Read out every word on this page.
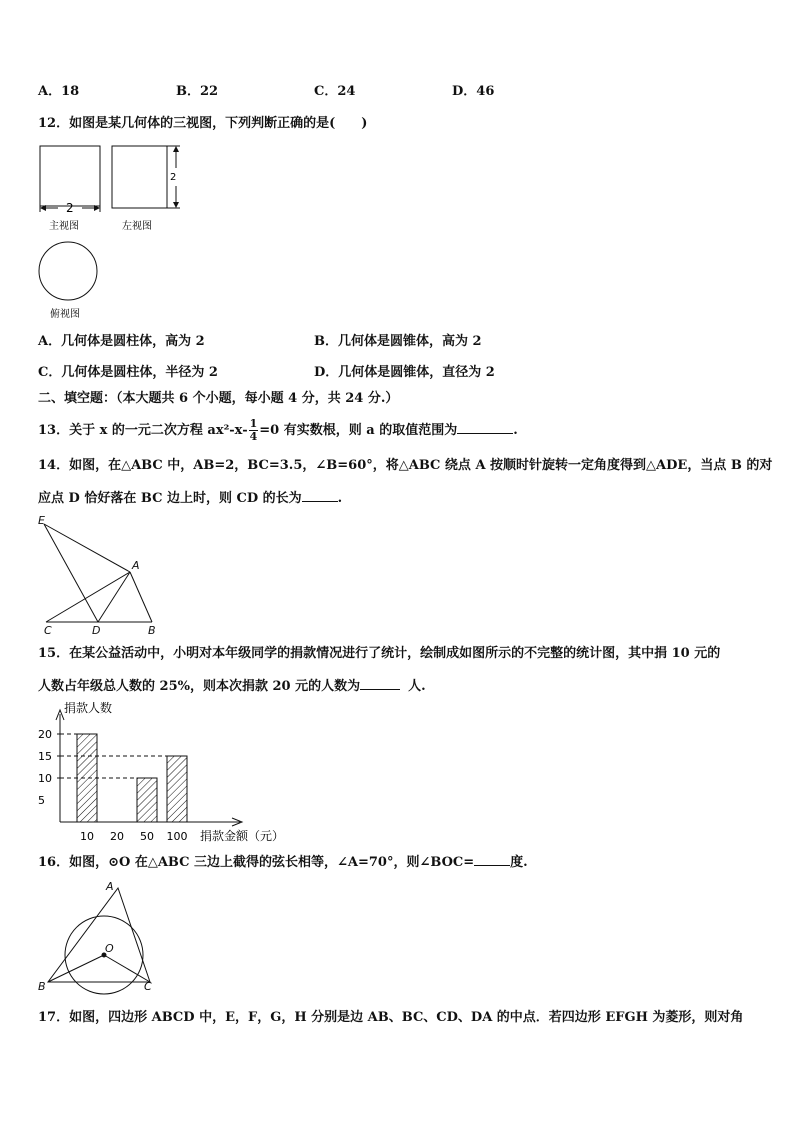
A．18	B．22	C．24	D．46
12．如图是某几何体的三视图，下列判断正确的是(　　)
2
主视图
2
左视图
俯视图
A．几何体是圆柱体，高为 2	B．几何体是圆锥体，高为 2
C．几何体是圆柱体，半径为 2	D．几何体是圆锥体，直径为 2
二、填空题：（本大题共 6 个小题，每小题 4 分，共 24 分.）
13．关于 x 的一元二次方程 $ax^2-x- \frac{1}{4} =0$ 有实数根，则 a 的取值范围为	.
14．如图，在△ABC 中，AB=2，BC=3.5，∠B=60°，将△ABC 绕点 A 按顺时针旋转一定角度得到△ADE，当点 B 的对
应点 D 恰好落在 BC 边上时，则 CD 的长为	.
E
A
C	D	B
15．在某公益活动中，小明对本年级同学的捐款情况进行了统计，绘制成如图所示的不完整的统计图，其中捐 10 元的
人数占年级总人数的 25%，则本次捐款 20 元的人数为	人.
捐款人数
捐款金额（元）
5
10
15
20
10 20 50 100
16．如图，⊙O 在△ABC 三边上截得的弦长相等，∠A=70°，则∠BOC=	度.
A
O
B	C
17．如图，四边形 ABCD 中，E，F，G，H 分别是边 AB、BC、CD、DA 的中点．若四边形 EFGH 为菱形，则对角
